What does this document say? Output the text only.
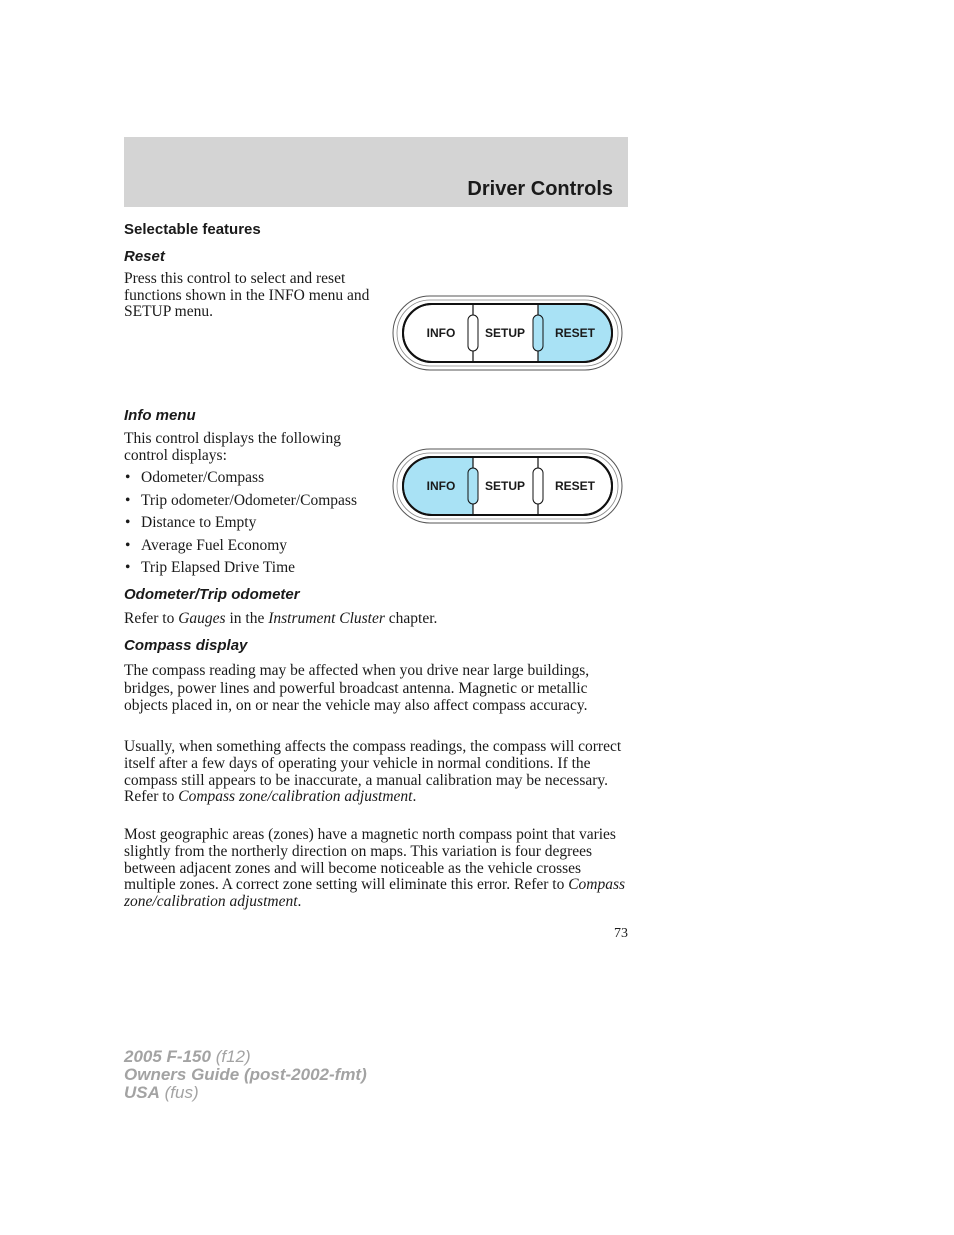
Driver Controls
Selectable features
Reset
Press this control to select and reset functions shown in the INFO menu and SETUP menu.
INFO SETUP RESET
Info menu
This control displays the following control displays:
• Odometer/Compass
• Trip odometer/Odometer/Compass
• Distance to Empty
• Average Fuel Economy
• Trip Elapsed Drive Time
INFO SETUP RESET
Odometer/Trip odometer
Refer to Gauges in the Instrument Cluster chapter.
Compass display
The compass reading may be affected when you drive near large buildings, bridges, power lines and powerful broadcast antenna. Magnetic or metallic objects placed in, on or near the vehicle may also affect compass accuracy.
Usually, when something affects the compass readings, the compass will correct itself after a few days of operating your vehicle in normal conditions. If the compass still appears to be inaccurate, a manual calibration may be necessary. Refer to Compass zone/calibration adjustment.
Most geographic areas (zones) have a magnetic north compass point that varies slightly from the northerly direction on maps. This variation is four degrees between adjacent zones and will become noticeable as the vehicle crosses multiple zones. A correct zone setting will eliminate this error. Refer to Compass zone/calibration adjustment.
73
2005 F-150 (f12)
Owners Guide (post-2002-fmt)
USA (fus)
